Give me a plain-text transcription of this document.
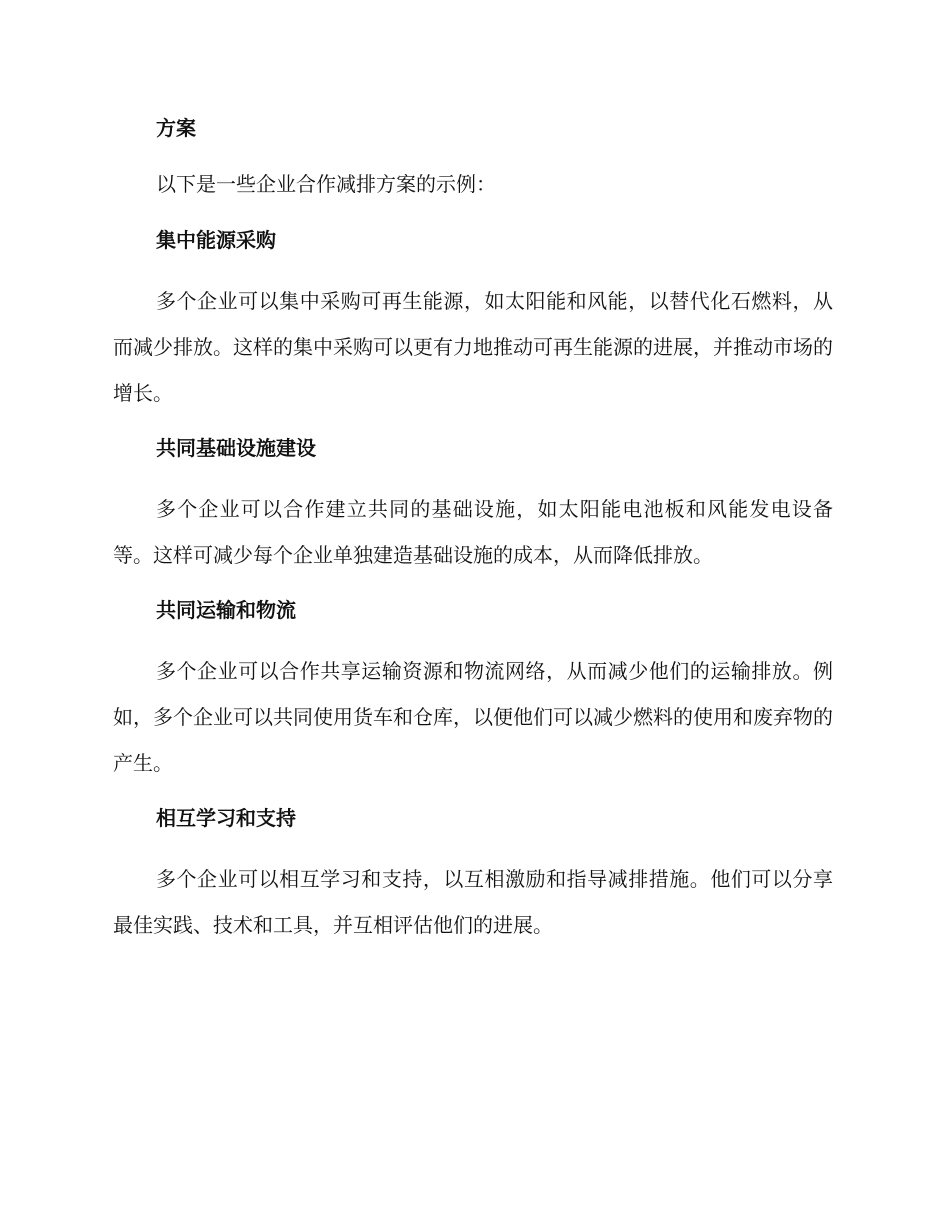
方案
以下是一些企业合作减排方案的示例：
集中能源采购
多个企业可以集中采购可再生能源，如太阳能和风能，以替代化石燃料，从而减少排放。这样的集中采购可以更有力地推动可再生能源的进展，并推动市场的增长。
共同基础设施建设
多个企业可以合作建立共同的基础设施，如太阳能电池板和风能发电设备等。这样可减少每个企业单独建造基础设施的成本，从而降低排放。
共同运输和物流
多个企业可以合作共享运输资源和物流网络，从而减少他们的运输排放。例如，多个企业可以共同使用货车和仓库，以便他们可以减少燃料的使用和废弃物的产生。
相互学习和支持
多个企业可以相互学习和支持，以互相激励和指导减排措施。他们可以分享最佳实践、技术和工具，并互相评估他们的进展。
